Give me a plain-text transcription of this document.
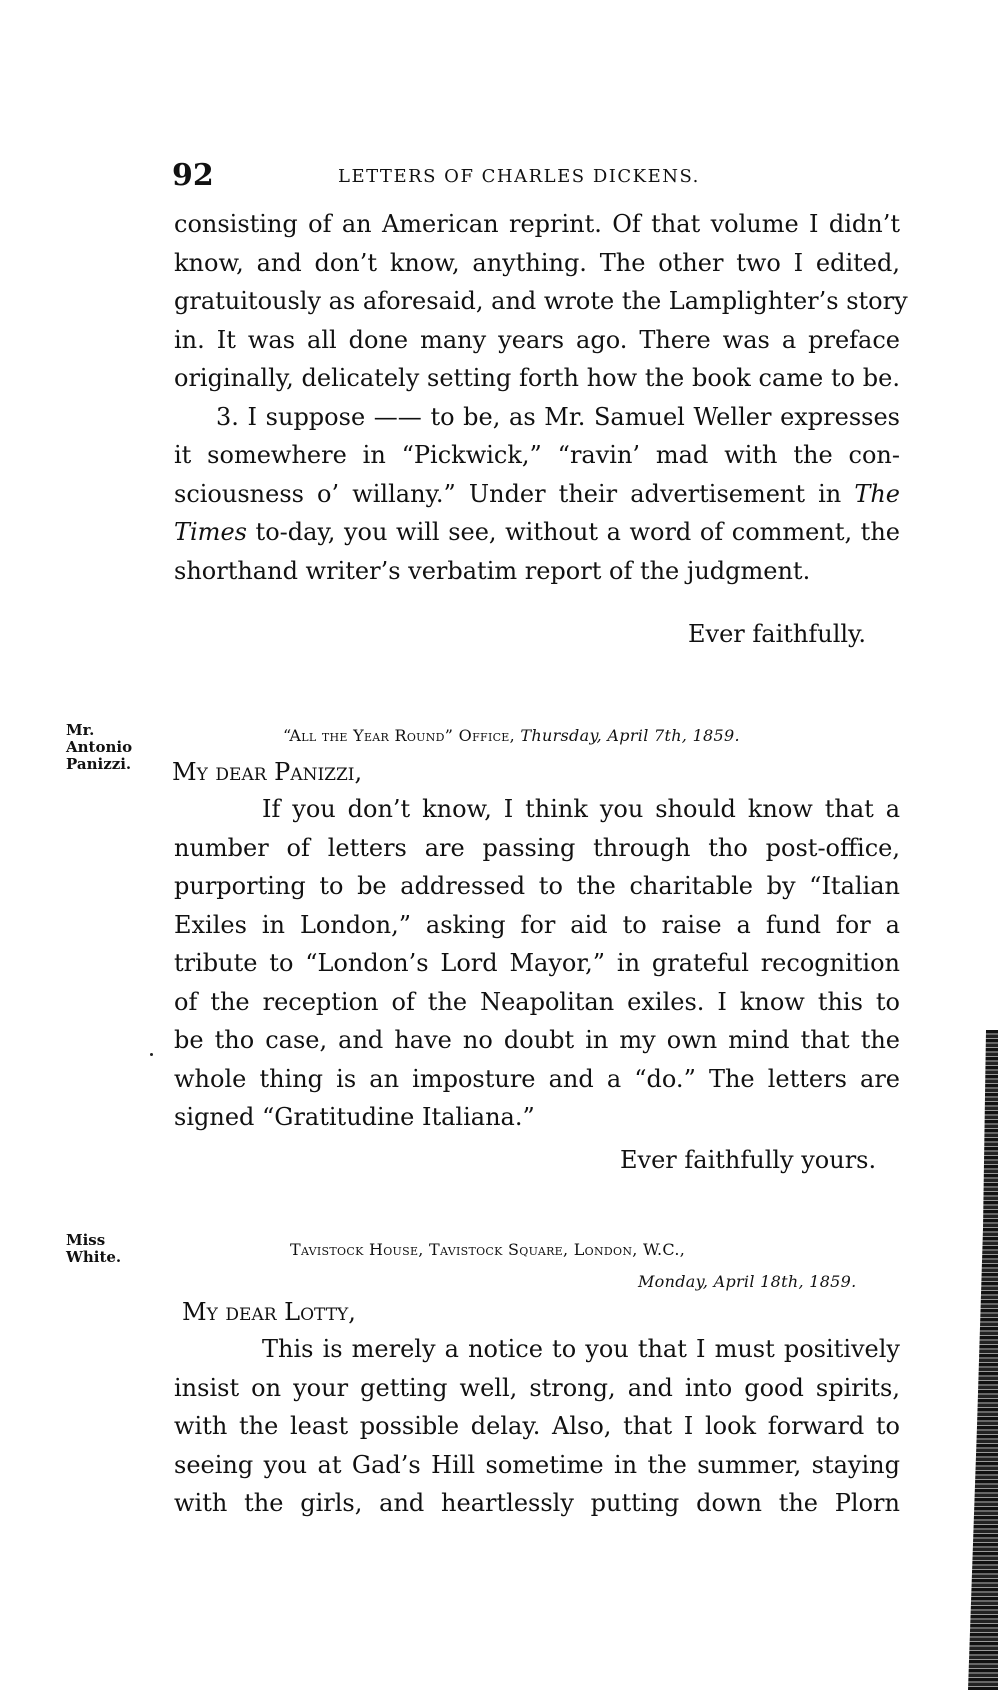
92	LETTERS OF CHARLES DICKENS.
consisting of an American reprint. Of that volume I didn’t
know, and don’t know, anything. The other two I edited,
gratuitously as aforesaid, and wrote the Lamplighter’s story
in. It was all done many years ago. There was a preface
originally, delicately setting forth how the book came to be.
3. I suppose —— to be, as Mr. Samuel Weller expresses
it somewhere in “Pickwick,” “ravin’ mad with the con-
sciousness o’ willany.” Under their advertisement in The
Times to-day, you will see, without a word of comment, the
shorthand writer’s verbatim report of the judgment.
Ever faithfully.
Mr.
Antonio
Panizzi.
“All the Year Round” Office, Thursday, April 7th, 1859.
My dear Panizzi,
If you don’t know, I think you should know that a
number of letters are passing through tho post-office,
purporting to be addressed to the charitable by “Italian
Exiles in London,” asking for aid to raise a fund for a
tribute to “London’s Lord Mayor,” in grateful recognition
of the reception of the Neapolitan exiles. I know this to
be tho case, and have no doubt in my own mind that the
whole thing is an imposture and a “do.” The letters are
signed “Gratitudine Italiana.”
Ever faithfully yours.
Miss
White.	Tavistock House, Tavistock Square, London, W.C.,
Monday, April 18th, 1859.
My dear Lotty,
This is merely a notice to you that I must positively
insist on your getting well, strong, and into good spirits,
with the least possible delay. Also, that I look forward to
seeing you at Gad’s Hill sometime in the summer, staying
with the girls, and heartlessly putting down the Plorn
